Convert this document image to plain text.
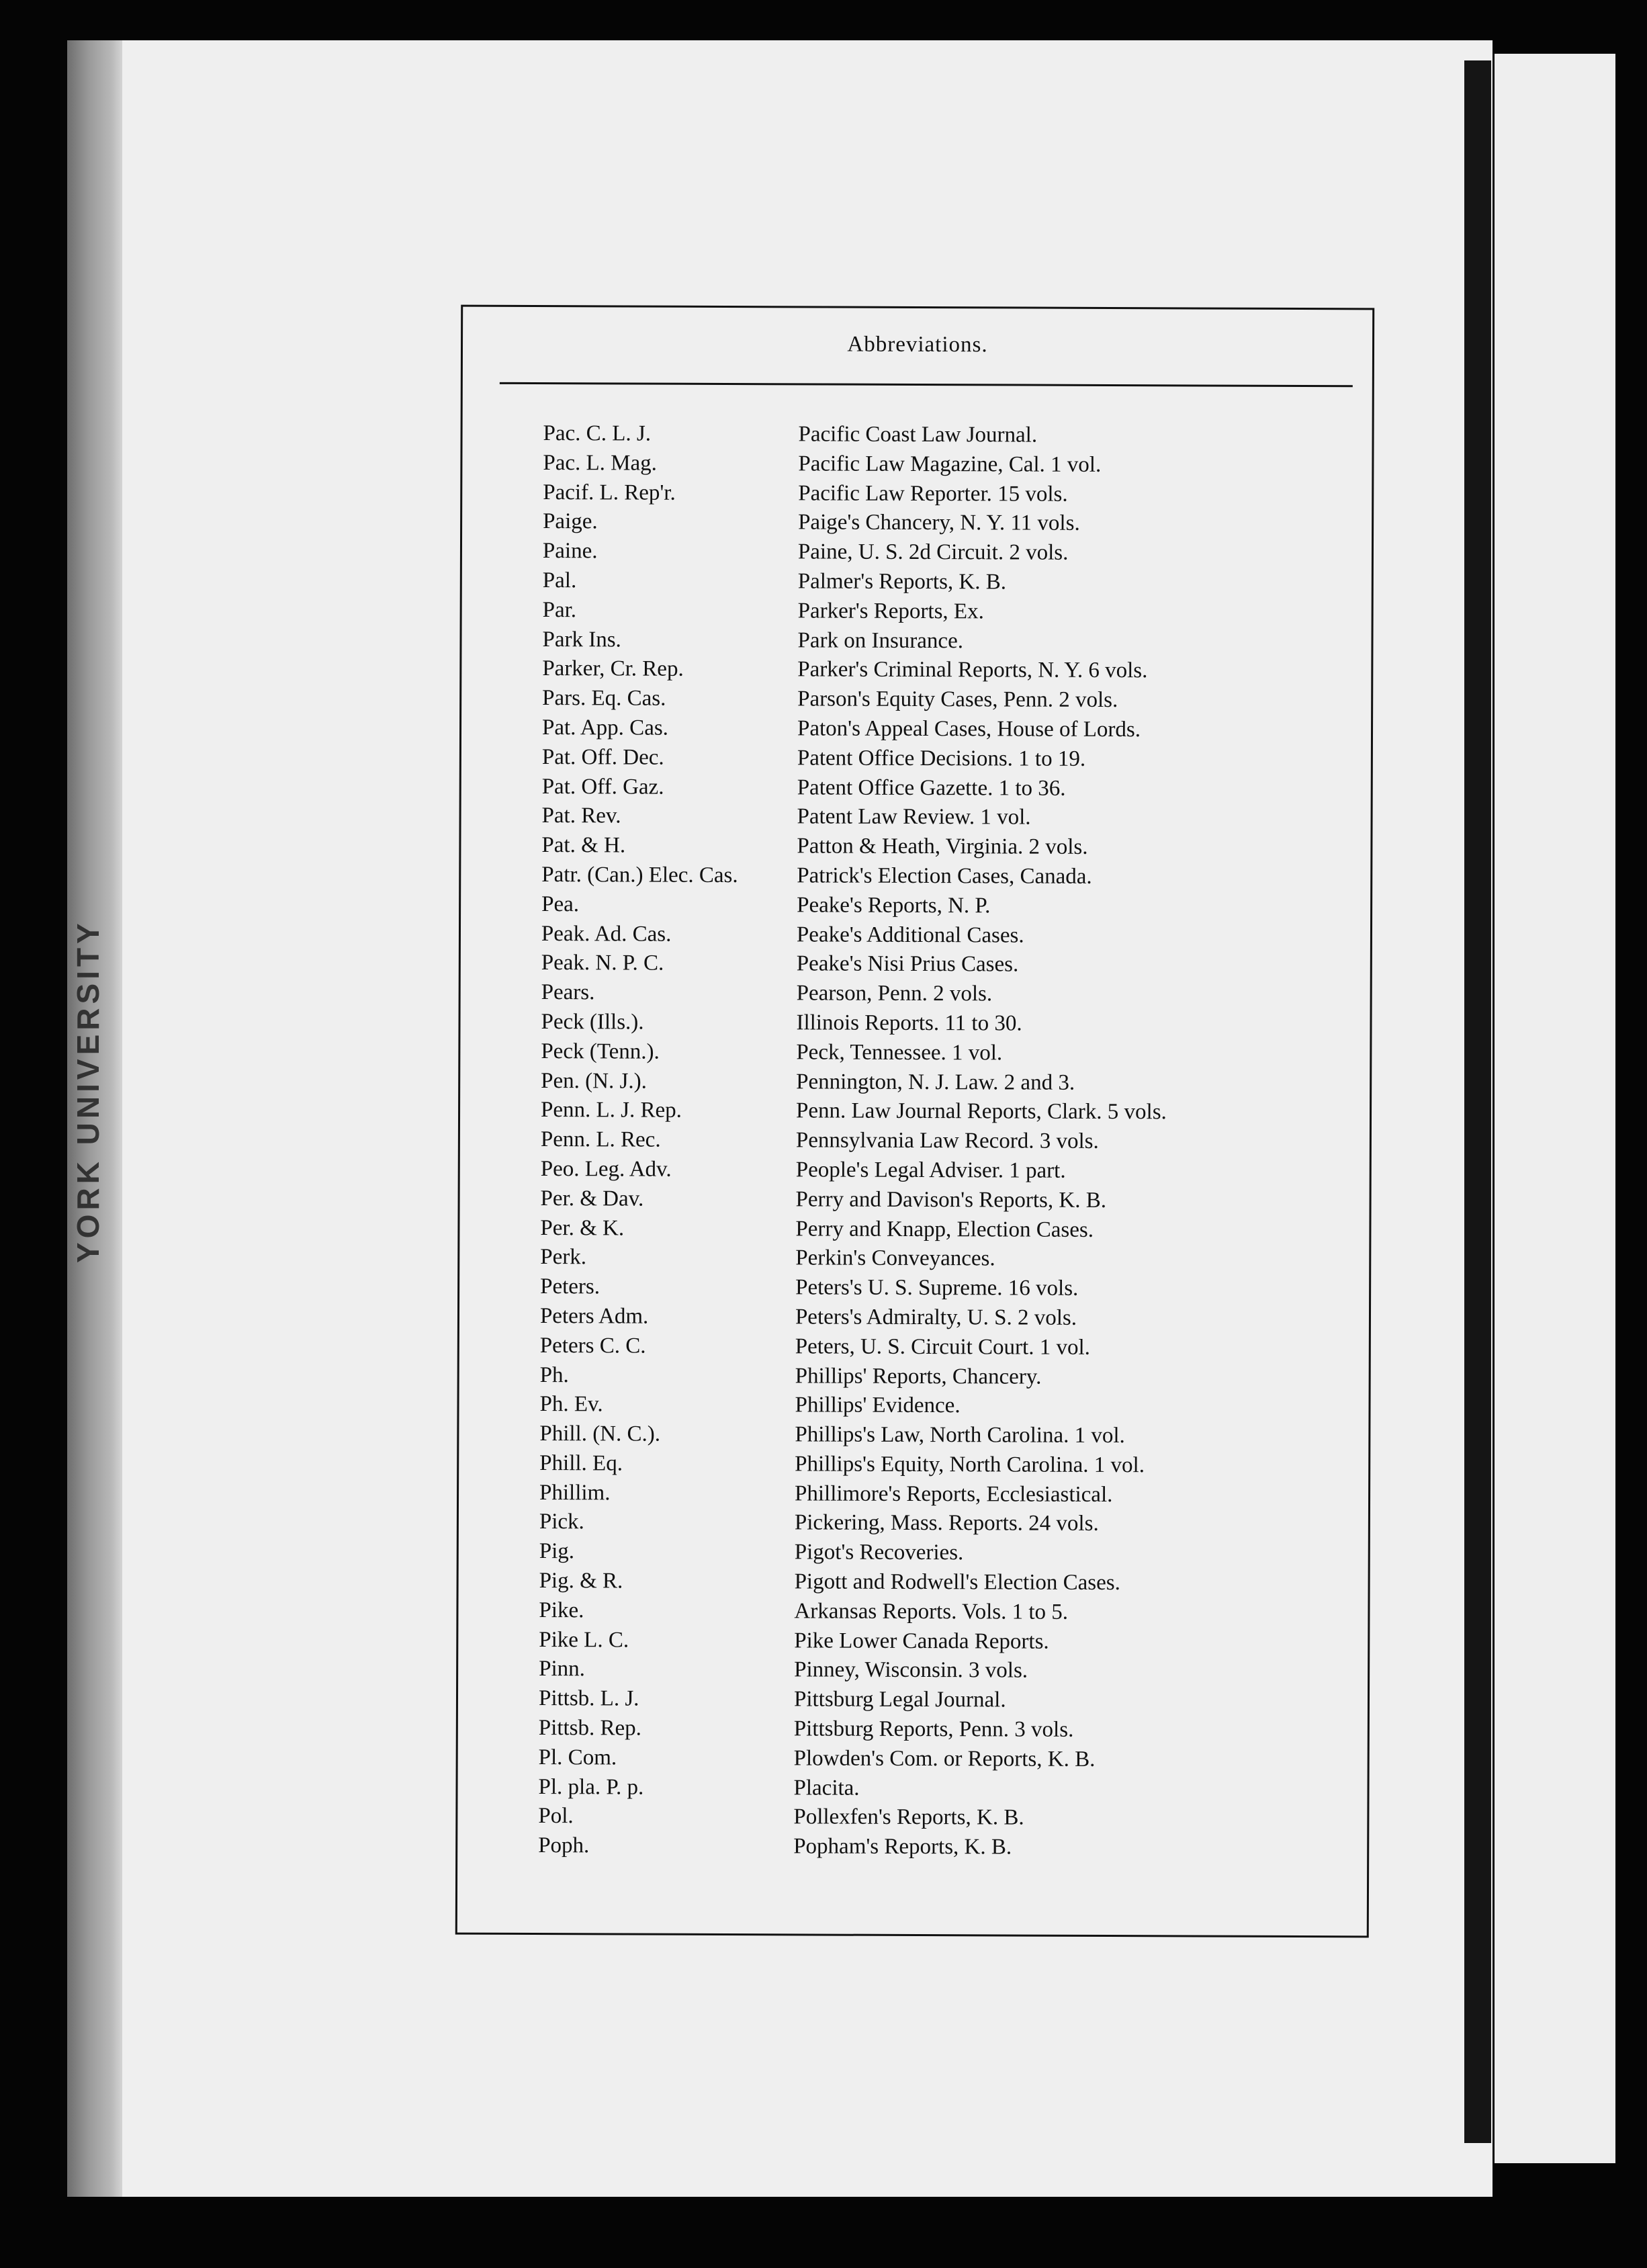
YORK UNIVERSITY
Abbreviations.
Pac. C. L. J.	Pacific Coast Law Journal.
Pac. L. Mag.	Pacific Law Magazine, Cal. 1 vol.
Pacif. L. Rep'r.	Pacific Law Reporter. 15 vols.
Paige.	Paige's Chancery, N. Y. 11 vols.
Paine.	Paine, U. S. 2d Circuit. 2 vols.
Pal.	Palmer's Reports, K. B.
Par.	Parker's Reports, Ex.
Park Ins.	Park on Insurance.
Parker, Cr. Rep.	Parker's Criminal Reports, N. Y. 6 vols.
Pars. Eq. Cas.	Parson's Equity Cases, Penn. 2 vols.
Pat. App. Cas.	Paton's Appeal Cases, House of Lords.
Pat. Off. Dec.	Patent Office Decisions. 1 to 19.
Pat. Off. Gaz.	Patent Office Gazette. 1 to 36.
Pat. Rev.	Patent Law Review. 1 vol.
Pat. & H.	Patton & Heath, Virginia. 2 vols.
Patr. (Can.) Elec. Cas.	Patrick's Election Cases, Canada.
Pea.	Peake's Reports, N. P.
Peak. Ad. Cas.	Peake's Additional Cases.
Peak. N. P. C.	Peake's Nisi Prius Cases.
Pears.	Pearson, Penn. 2 vols.
Peck (Ills.).	Illinois Reports. 11 to 30.
Peck (Tenn.).	Peck, Tennessee. 1 vol.
Pen. (N. J.).	Pennington, N. J. Law. 2 and 3.
Penn. L. J. Rep.	Penn. Law Journal Reports, Clark. 5 vols.
Penn. L. Rec.	Pennsylvania Law Record. 3 vols.
Peo. Leg. Adv.	People's Legal Adviser. 1 part.
Per. & Dav.	Perry and Davison's Reports, K. B.
Per. & K.	Perry and Knapp, Election Cases.
Perk.	Perkin's Conveyances.
Peters.	Peters's U. S. Supreme. 16 vols.
Peters Adm.	Peters's Admiralty, U. S. 2 vols.
Peters C. C.	Peters, U. S. Circuit Court. 1 vol.
Ph.	Phillips' Reports, Chancery.
Ph. Ev.	Phillips' Evidence.
Phill. (N. C.).	Phillips's Law, North Carolina. 1 vol.
Phill. Eq.	Phillips's Equity, North Carolina. 1 vol.
Phillim.	Phillimore's Reports, Ecclesiastical.
Pick.	Pickering, Mass. Reports. 24 vols.
Pig.	Pigot's Recoveries.
Pig. & R.	Pigott and Rodwell's Election Cases.
Pike.	Arkansas Reports. Vols. 1 to 5.
Pike L. C.	Pike Lower Canada Reports.
Pinn.	Pinney, Wisconsin. 3 vols.
Pittsb. L. J.	Pittsburg Legal Journal.
Pittsb. Rep.	Pittsburg Reports, Penn. 3 vols.
Pl. Com.	Plowden's Com. or Reports, K. B.
Pl. pla. P. p.	Placita.
Pol.	Pollexfen's Reports, K. B.
Poph.	Popham's Reports, K. B.
